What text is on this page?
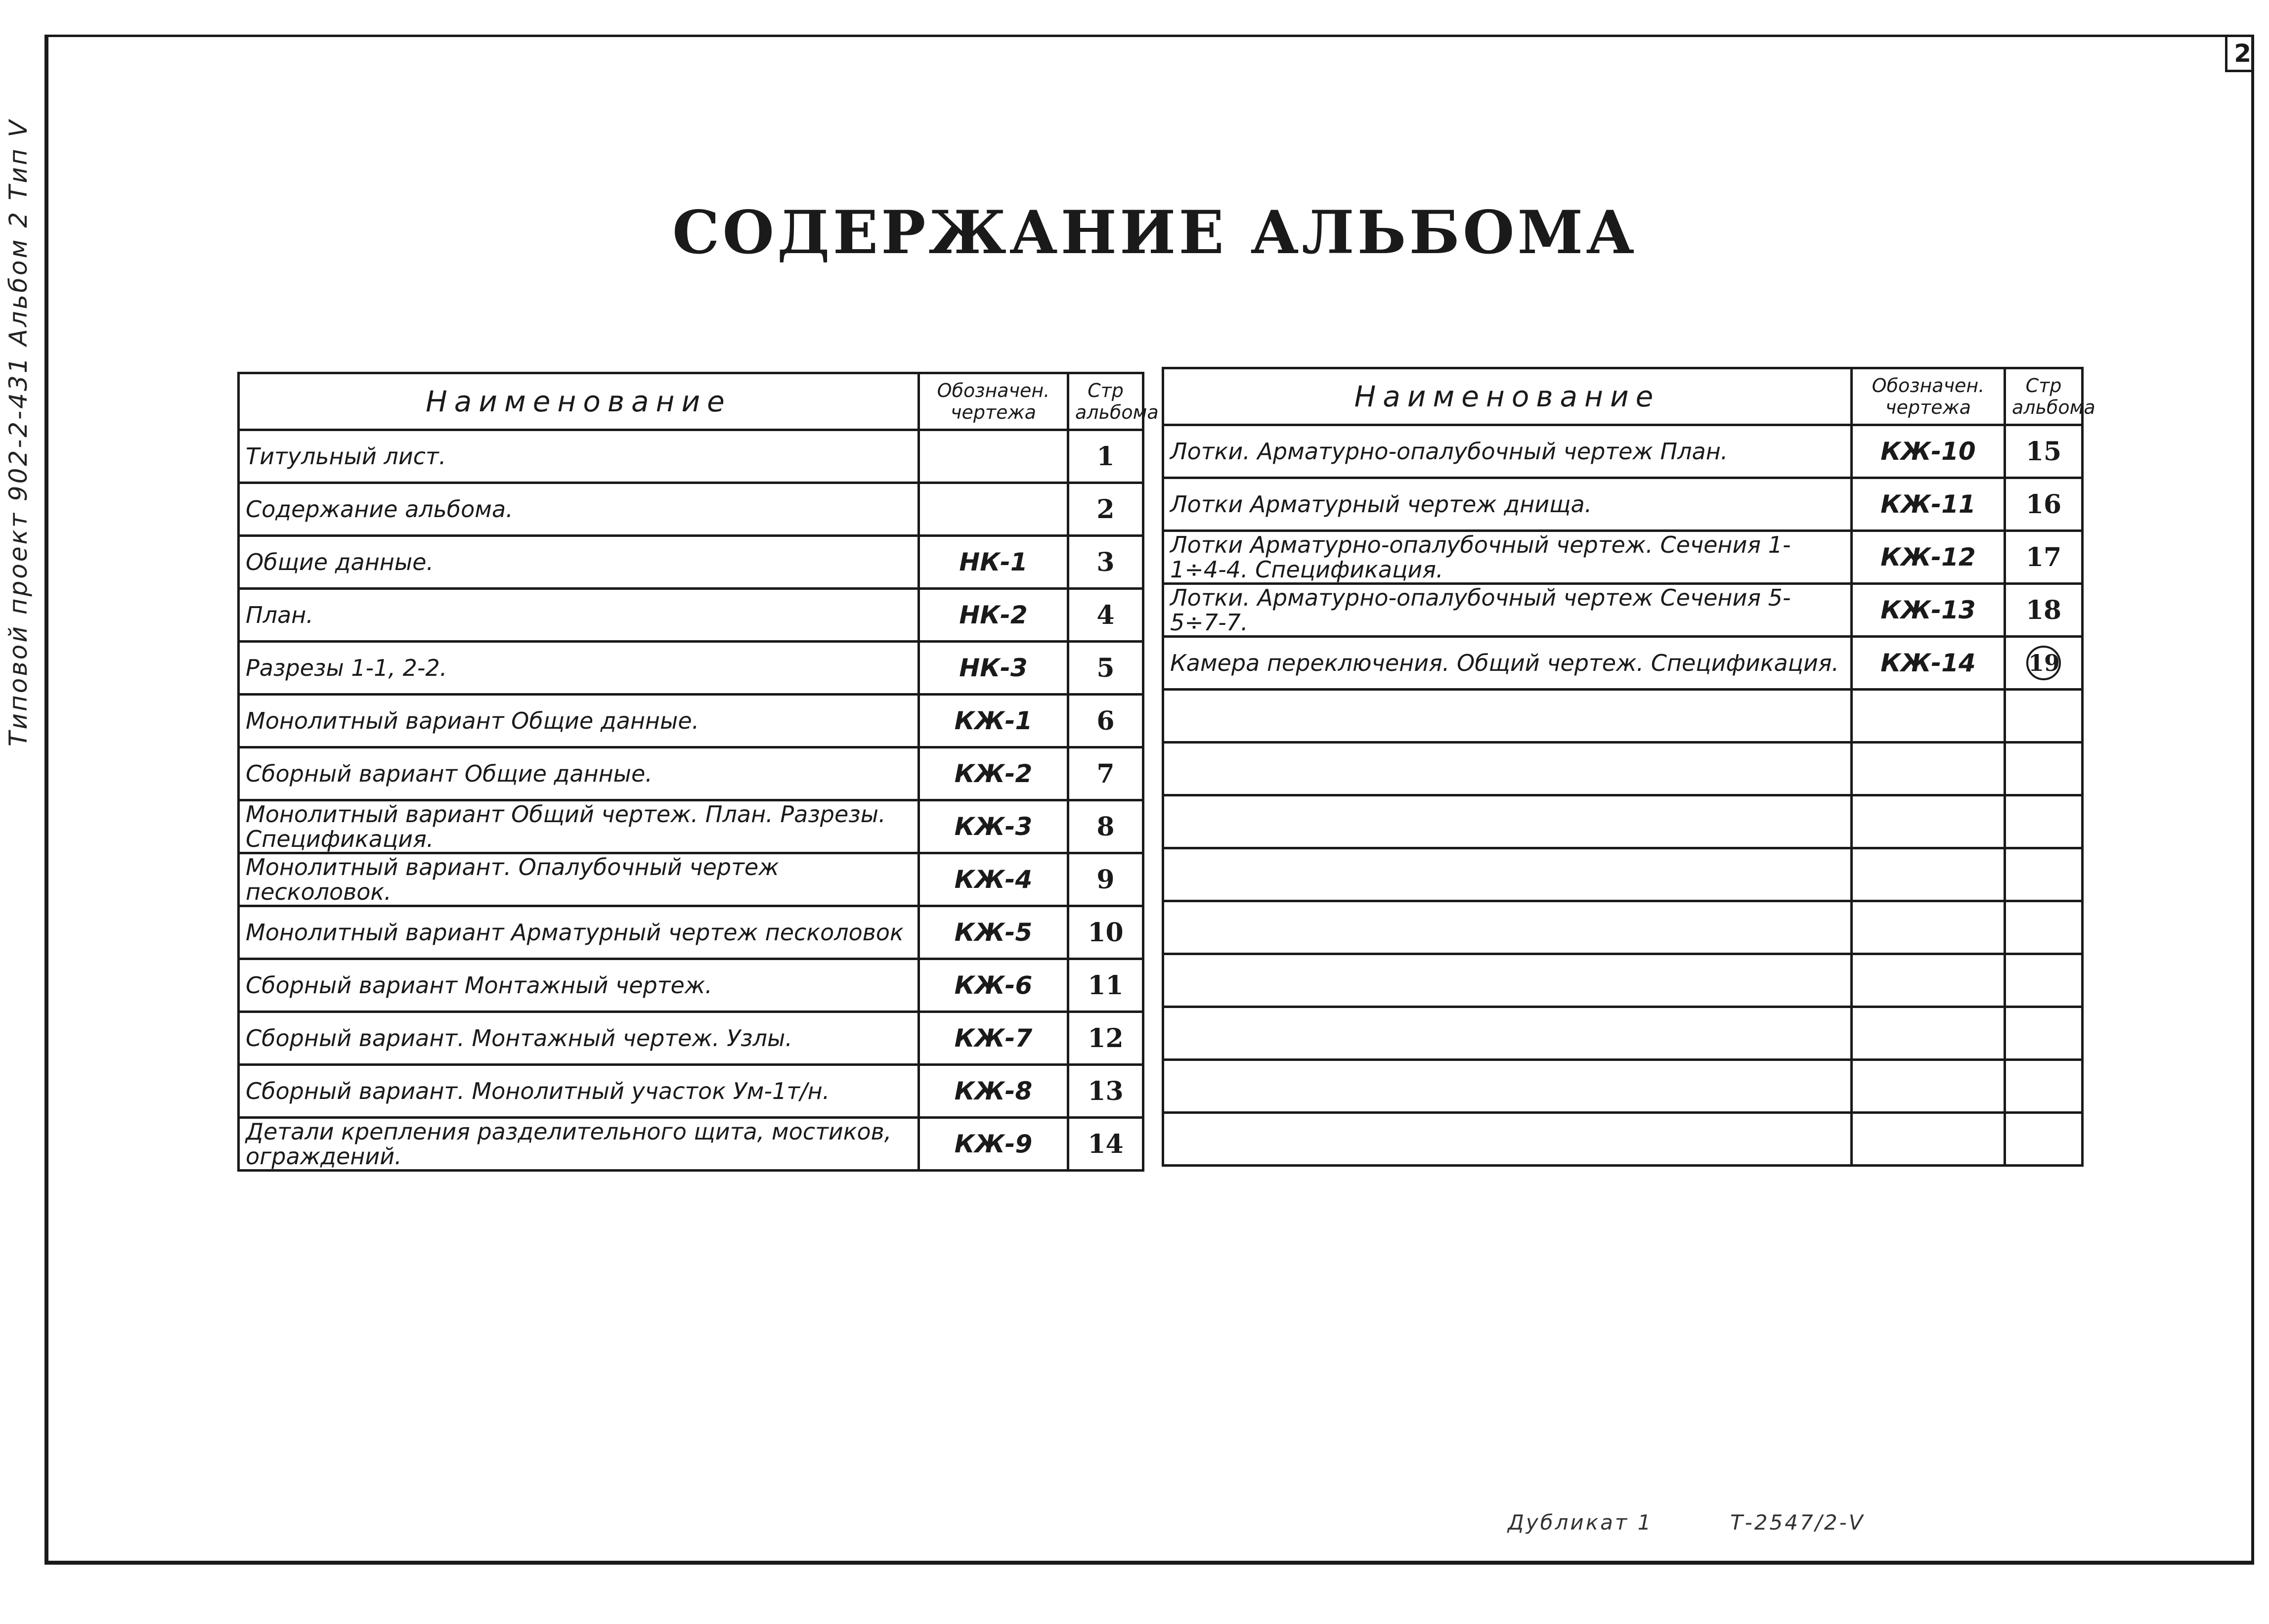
2
Типовой проект 902-2-431 Альбом 2 Тип Ⅴ	СОДЕРЖАНИЕ АЛЬБОМА
Наименование	Обозначен. чертежа	Стр альбома
Титульный лист.		1
Содержание альбома.		2
Общие данные.	НК-1	3
План.	НК-2	4
Разрезы 1-1, 2-2.	НК-3	5
Монолитный вариант Общие данные.	КЖ-1	6
Сборный вариант Общие данные.	КЖ-2	7
Монолитный вариант Общий чертеж. План. Разрезы. Спецификация.	КЖ-3	8
Монолитный вариант. Опалубочный чертеж песколовок.	КЖ-4	9
Монолитный вариант Арматурный чертеж песколовок	КЖ-5	10
Сборный вариант Монтажный чертеж.	КЖ-6	11
Сборный вариант. Монтажный чертеж. Узлы.	КЖ-7	12
Сборный вариант. Монолитный участок Ум-1т/н.	КЖ-8	13
Детали крепления разделительного щита, мостиков, ограждений.	КЖ-9	14
Наименование	Обозначен. чертежа	Стр альбома
Лотки. Арматурно-опалубочный чертеж План.	КЖ-10	15
Лотки Арматурный чертеж днища.	КЖ-11	16
Лотки Арматурно-опалубочный чертеж. Сечения 1-1÷4-4. Спецификация.	КЖ-12	17
Лотки. Арматурно-опалубочный чертеж Сечения 5-5÷7-7.	КЖ-13	18
Камера переключения. Общий чертеж. Спецификация.	КЖ-14	19

Дубликат 1	Т-2547/2-Ⅴ
